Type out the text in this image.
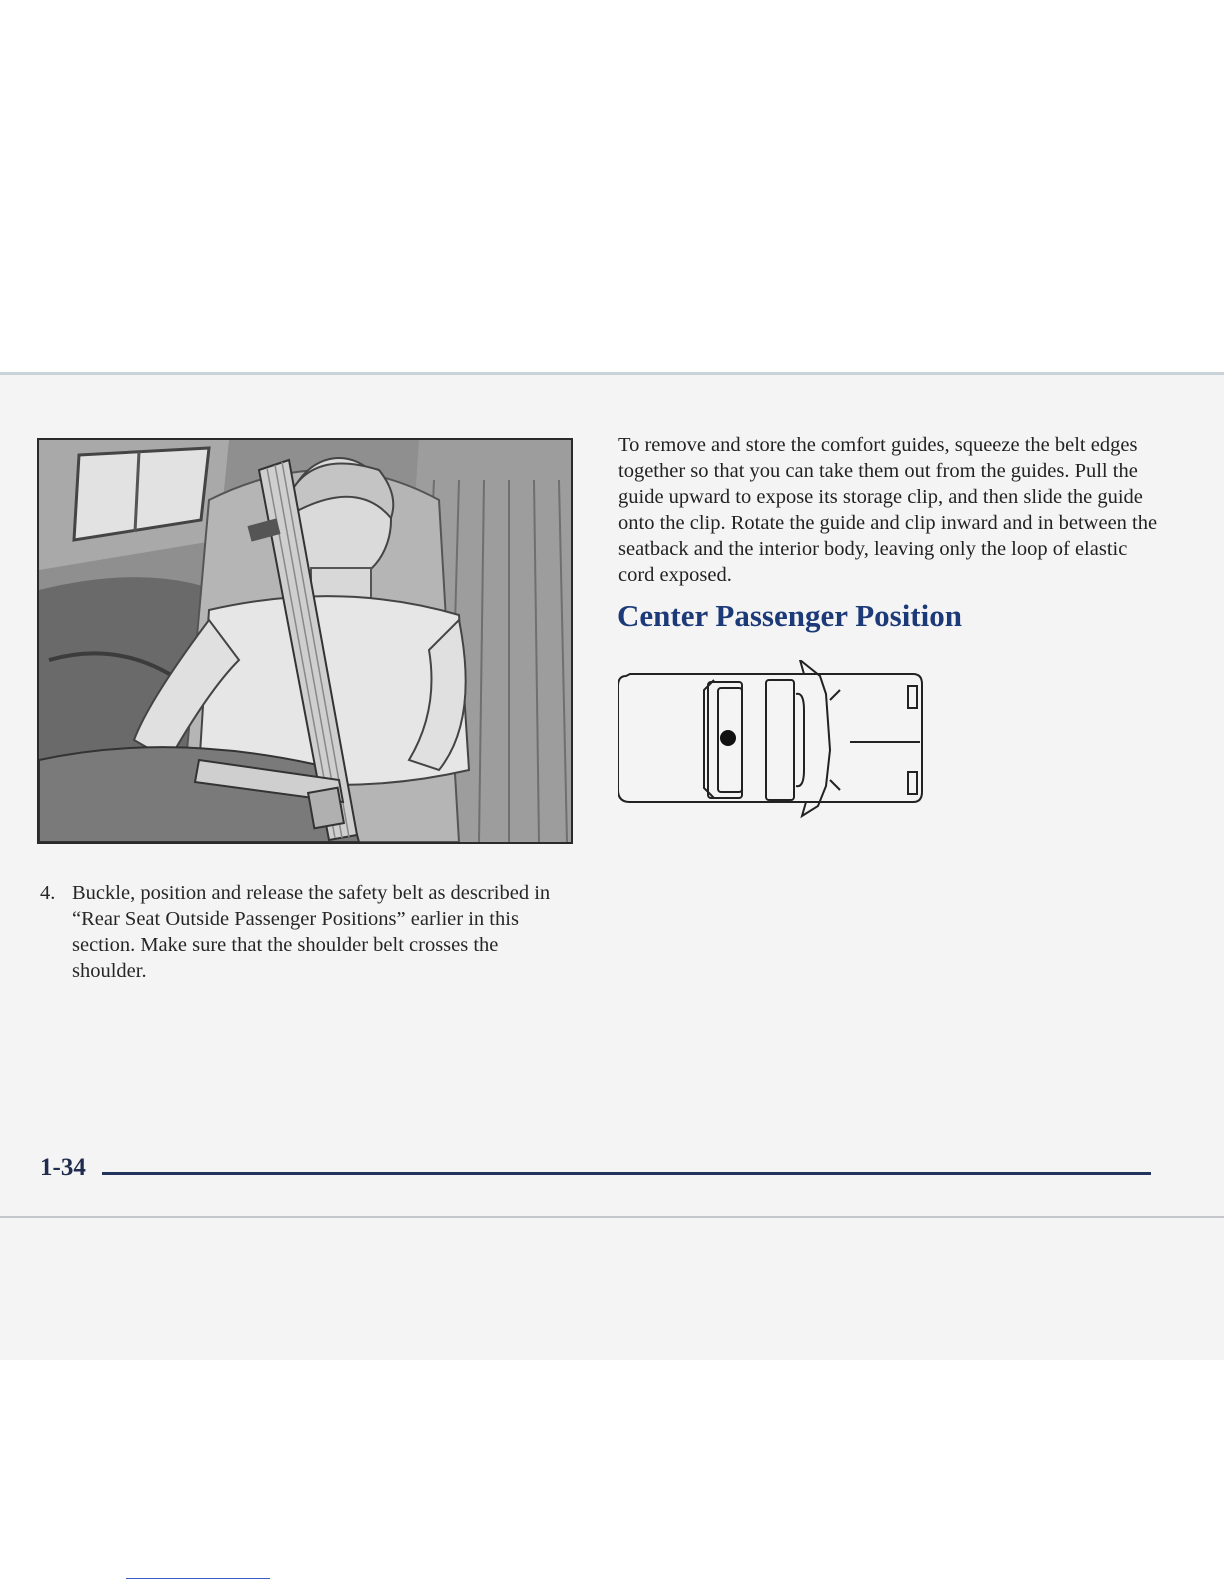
4. Buckle, position and release the safety belt as described in “Rear Seat Outside Passenger Positions” earlier in this section. Make sure that the shoulder belt crosses the shoulder.
To remove and store the comfort guides, squeeze the belt edges together so that you can take them out from the guides. Pull the guide upward to expose its storage clip, and then slide the guide onto the clip. Rotate the guide and clip inward and in between the seatback and the interior body, leaving only the loop of elastic cord exposed.
Center Passenger Position
1-34
